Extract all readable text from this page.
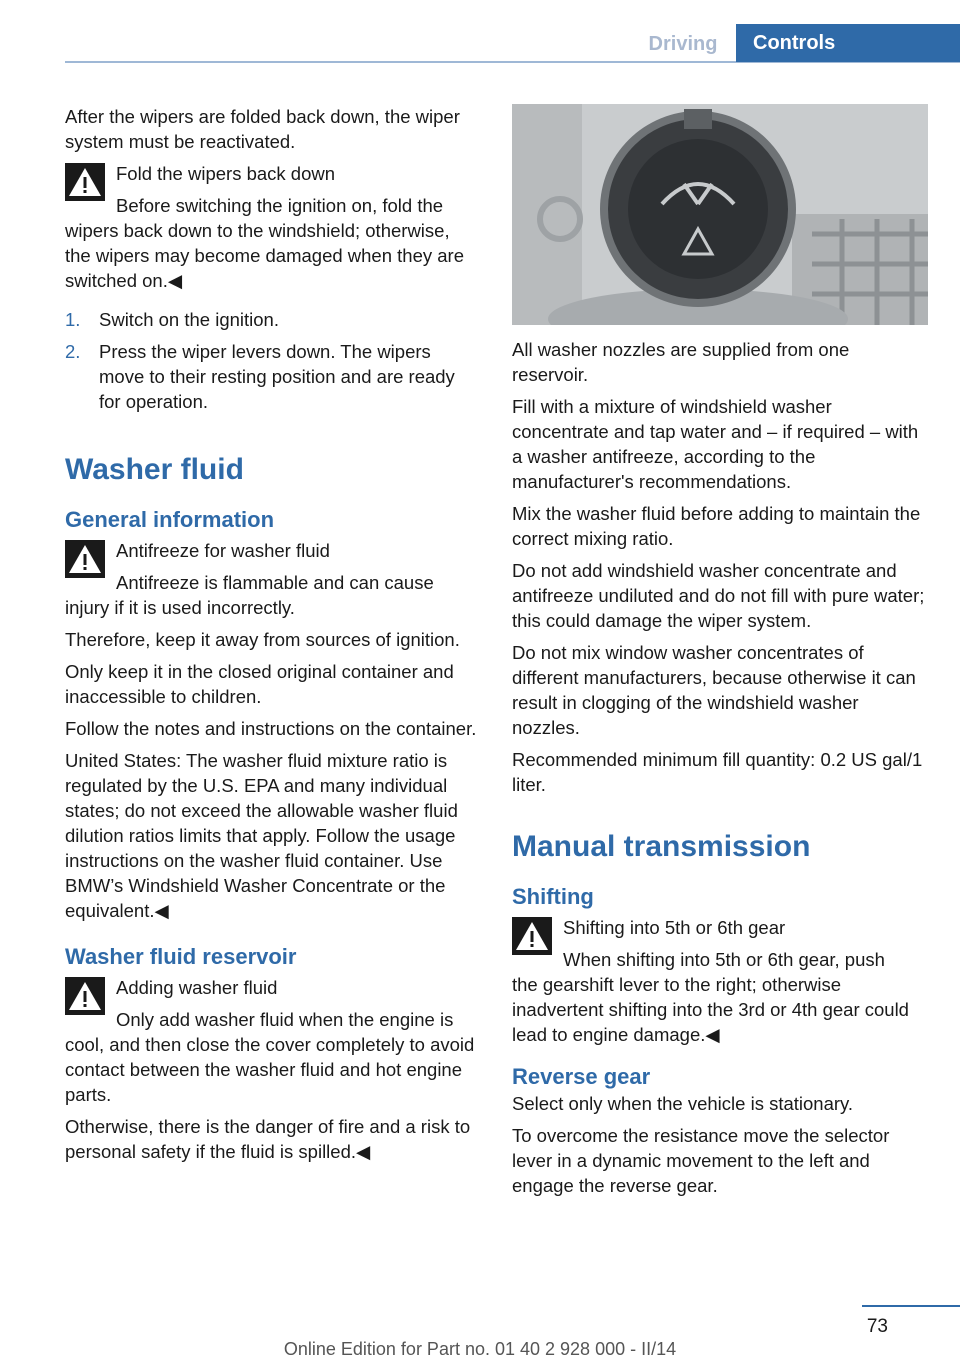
Driving	Controls

After the wipers are folded back down, the wiper system must be reactivated.

Fold the wipers back down
Before switching the ignition on, fold the

wipers back down to the windshield; otherwise, the wipers may become damaged when they are switched on.◀

1.	Switch on the ignition.
2.	Press the wiper levers down. The wipers move to their resting position and are ready for operation.
Washer fluid
General information
Antifreeze for washer fluid
Antifreeze is flammable and can cause

injury if it is used incorrectly.

Therefore, keep it away from sources of ignition.

Only keep it in the closed original container and inaccessible to children.

Follow the notes and instructions on the container.

United States: The washer fluid mixture ratio is regulated by the U.S. EPA and many individual states; do not exceed the allowable washer fluid dilution ratios limits that apply. Follow the usage instructions on the washer fluid container. Use BMW’s Windshield Washer Concentrate or the equivalent.◀

Washer fluid reservoir
Adding washer fluid
Only add washer fluid when the engine is

cool, and then close the cover completely to avoid contact between the washer fluid and hot engine parts.

Otherwise, there is the danger of fire and a risk to personal safety if the fluid is spilled.◀

All washer nozzles are supplied from one reservoir.

Fill with a mixture of windshield washer concentrate and tap water and – if required – with a washer antifreeze, according to the manufacturer's recommendations.

Mix the washer fluid before adding to maintain the correct mixing ratio.

Do not add windshield washer concentrate and antifreeze undiluted and do not fill with pure water; this could damage the wiper system.

Do not mix window washer concentrates of different manufacturers, because otherwise it can result in clogging of the windshield washer nozzles.

Recommended minimum fill quantity: 0.2 US gal/1 liter.

Manual transmission
Shifting
Shifting into 5th or 6th gear
When shifting into 5th or 6th gear, push

the gearshift lever to the right; otherwise inadvertent shifting into the 3rd or 4th gear could lead to engine damage.◀

Reverse gear

Select only when the vehicle is stationary.

To overcome the resistance move the selector lever in a dynamic movement to the left and engage the reverse gear.

73
Online Edition for Part no. 01 40 2 928 000 - II/14
